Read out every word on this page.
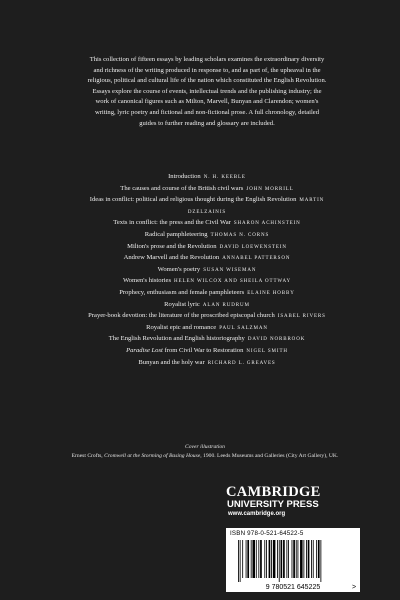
This collection of fifteen essays by leading scholars examines the extraordinary diversity and richness of the writing produced in response to, and as part of, the upheaval in the religious, political and cultural life of the nation which constituted the English Revolution. Essays explore the course of events, intellectual trends and the publishing industry; the work of canonical figures such as Milton, Marvell, Bunyan and Clarendon; women's writing, lyric poetry and fictional and non-fictional prose. A full chronology, detailed guides to further reading and glossary are included.
Introduction N. H. KEEBLE
The causes and course of the British civil wars JOHN MORRILL
Ideas in conflict: political and religious thought during the English Revolution MARTIN DZELZAINIS
Texts in conflict: the press and the Civil War SHARON ACHINSTEIN
Radical pamphleteering THOMAS N. CORNS
Milton's prose and the Revolution DAVID LOEWENSTEIN
Andrew Marvell and the Revolution ANNABEL PATTERSON
Women's poetry SUSAN WISEMAN
Women's histories HELEN WILCOX AND SHEILA OTTWAY
Prophecy, enthusiasm and female pamphleteers ELAINE HOBBY
Royalist lyric ALAN RUDRUM
Prayer-book devotion: the literature of the proscribed episcopal church ISABEL RIVERS
Royalist epic and romance PAUL SALZMAN
The English Revolution and English historiography DAVID NORBROOK
Paradise Lost from Civil War to Restoration NIGEL SMITH
Bunyan and the holy war RICHARD L. GREAVES
Cover illustration
Ernest Crofts, Cromwell at the Storming of Basing House, 1900. Leeds Museums and Galleries (City Art Gallery), UK.
CAMBRIDGE
UNIVERSITY PRESS
www.cambridge.org
ISBN 978-0-521-64522-5
>
9 780521 645225
